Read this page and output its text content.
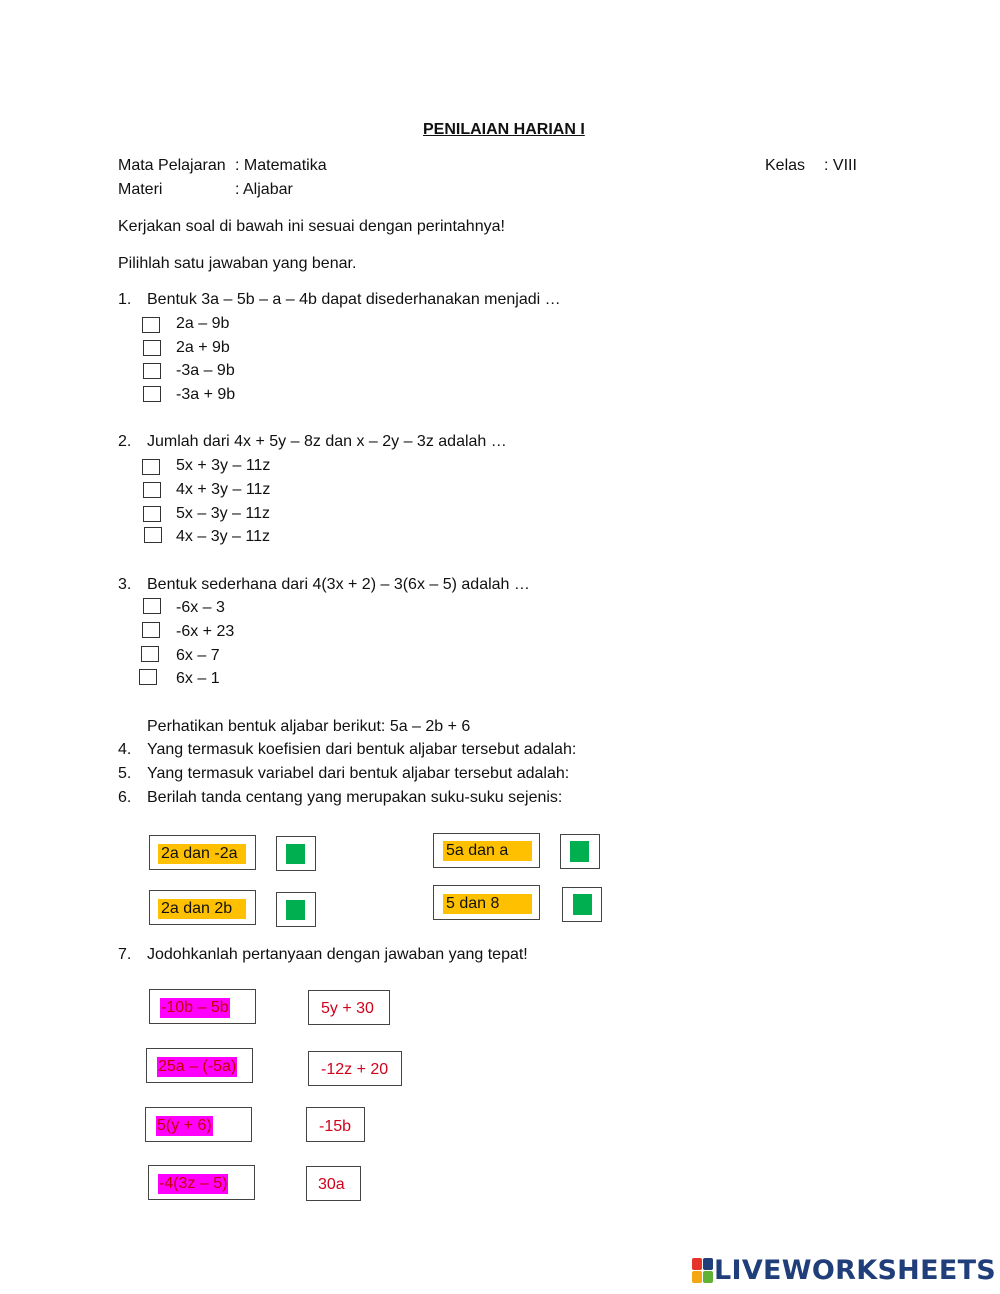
PENILAIAN HARIAN I
Mata Pelajaran : Matematika	Kelas : VIII
Materi	: Aljabar
Kerjakan soal di bawah ini sesuai dengan perintahnya!
Pilihlah satu jawaban yang benar.
1. Bentuk 3a – 5b – a – 4b dapat disederhanakan menjadi …
2a – 9b
2a + 9b
-3a – 9b
-3a + 9b
2. Jumlah dari 4x + 5y – 8z dan x – 2y – 3z adalah …
5x + 3y – 11z
4x + 3y – 11z
5x – 3y – 11z
4x – 3y – 11z
3. Bentuk sederhana dari 4(3x + 2) – 3(6x – 5) adalah …
-6x – 3
-6x + 23
6x – 7
6x – 1
Perhatikan bentuk aljabar berikut: 5a – 2b + 6
4. Yang termasuk koefisien dari bentuk aljabar tersebut adalah:
5. Yang termasuk variabel dari bentuk aljabar tersebut adalah:
6. Berilah tanda centang yang merupakan suku-suku sejenis:
2a dan -2a
2a dan 2b
5a dan a
5 dan 8
7. Jodohkanlah pertanyaan dengan jawaban yang tepat!
-10b – 5b
25a – (-5a)
5(y + 6)
-4(3z – 5)
5y + 30
-12z + 20
-15b
30a
LIVEWORKSHEETS
